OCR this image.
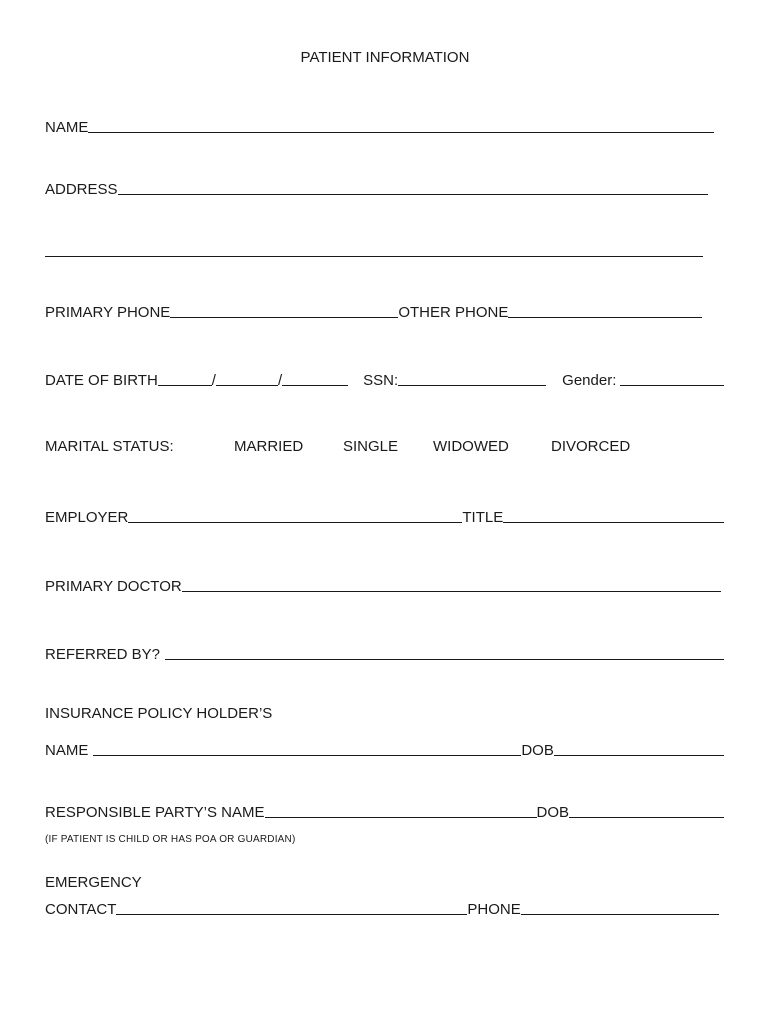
PATIENT INFORMATION
NAME
ADDRESS
PRIMARY PHONE	OTHER PHONE
DATE OF BIRTH	/	/	SSN:	Gender:
MARITAL STATUS:	MARRIED	SINGLE WIDOWED	DIVORCED
EMPLOYER	TITLE
PRIMARY DOCTOR
REFERRED BY?
INSURANCE POLICY HOLDER’S
NAME	DOB
RESPONSIBLE PARTY’S NAME	DOB
(IF PATIENT IS CHILD OR HAS POA OR GUARDIAN)
EMERGENCY
CONTACT	PHONE
